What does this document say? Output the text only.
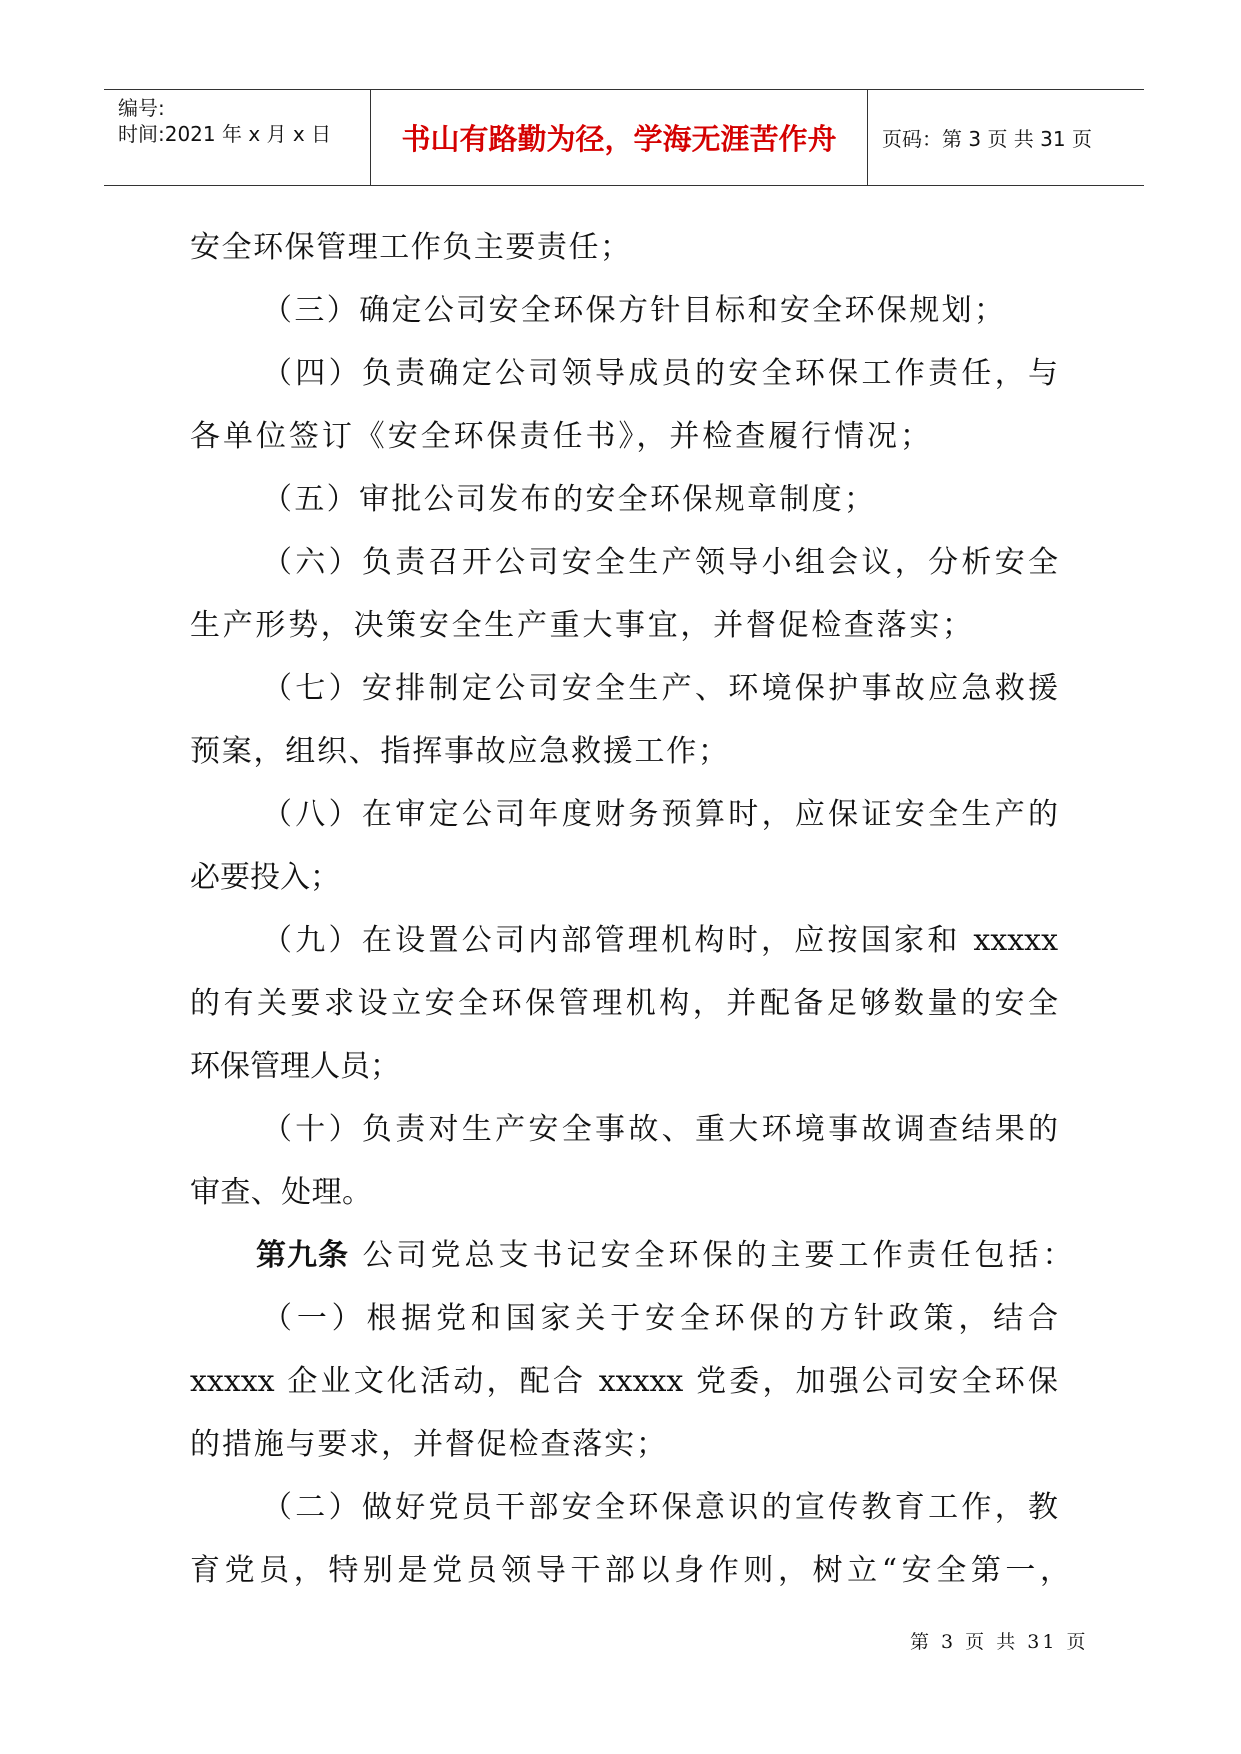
编号:
时间:2021 年 x 月 x 日 书山有路勤为径，学海无涯苦作舟 页码：第 3 页 共 31 页
安全环保管理工作负主要责任；
（三）确定公司安全环保方针目标和安全环保规划；
（四）负责确定公司领导成员的安全环保工作责任，与
各单位签订《安全环保责任书》，并检查履行情况；
（五）审批公司发布的安全环保规章制度；
（六）负责召开公司安全生产领导小组会议，分析安全
生产形势，决策安全生产重大事宜，并督促检查落实；
（七）安排制定公司安全生产、环境保护事故应急救援
预案，组织、指挥事故应急救援工作；
（八）在审定公司年度财务预算时，应保证安全生产的
必要投入；
（九）在设置公司内部管理机构时，应按国家和 xxxxx
的有关要求设立安全环保管理机构，并配备足够数量的安全
环保管理人员；
（十）负责对生产安全事故、重大环境事故调查结果的
审查、处理。
第九条 公司党总支书记安全环保的主要工作责任包括：
（一）根据党和国家关于安全环保的方针政策，结合
xxxxx 企业文化活动，配合 xxxxx 党委，加强公司安全环保
的措施与要求，并督促检查落实；
（二）做好党员干部安全环保意识的宣传教育工作，教
育党员，特别是党员领导干部以身作则，树立“安全第一，
第 3 页 共 31 页
